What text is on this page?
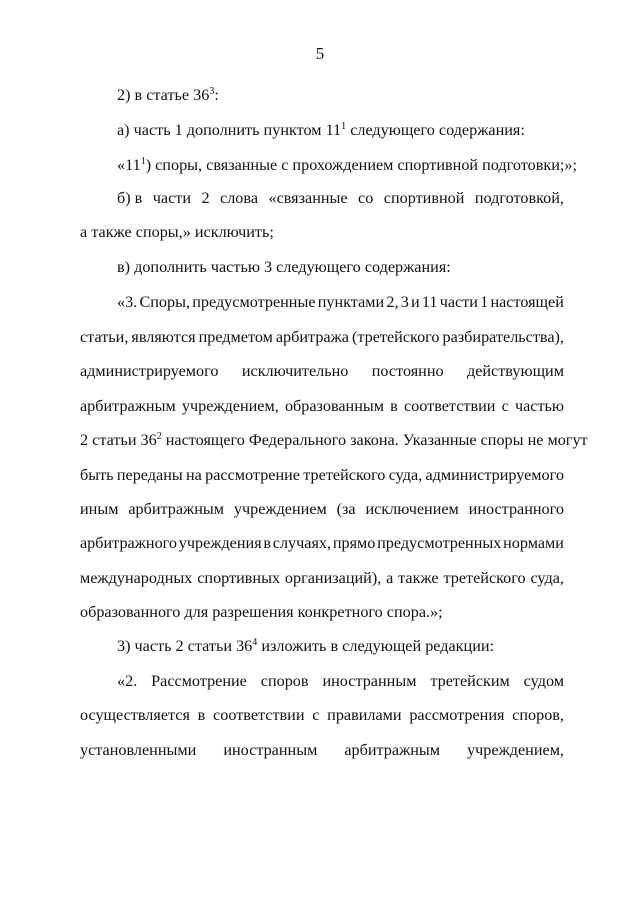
5
2) в статье $36^3$:
а) часть 1 дополнить пунктом $11^1$ следующего содержания:
«$11^1$) споры, связанные с прохождением спортивной подготовки;»;
б) в части 2 слова «связанные со спортивной подготовкой,
а также споры,» исключить;
в) дополнить частью 3 следующего содержания:
«3. Споры, предусмотренные пунктами 2, 3 и 11 части 1 настоящей
статьи, являются предметом арбитража (третейского разбирательства),
администрируемого исключительно постоянно действующим
арбитражным учреждением, образованным в соответствии с частью
2 статьи $36^2$ настоящего Федерального закона. Указанные споры не могут
быть переданы на рассмотрение третейского суда, администрируемого
иным арбитражным учреждением (за исключением иностранного
арбитражного учреждения в случаях, прямо предусмотренных нормами
международных спортивных организаций), а также третейского суда,
образованного для разрешения конкретного спора.»;
3) часть 2 статьи $36^4$ изложить в следующей редакции:
«2. Рассмотрение споров иностранным третейским судом
осуществляется в соответствии с правилами рассмотрения споров,
установленными иностранным арбитражным учреждением,
